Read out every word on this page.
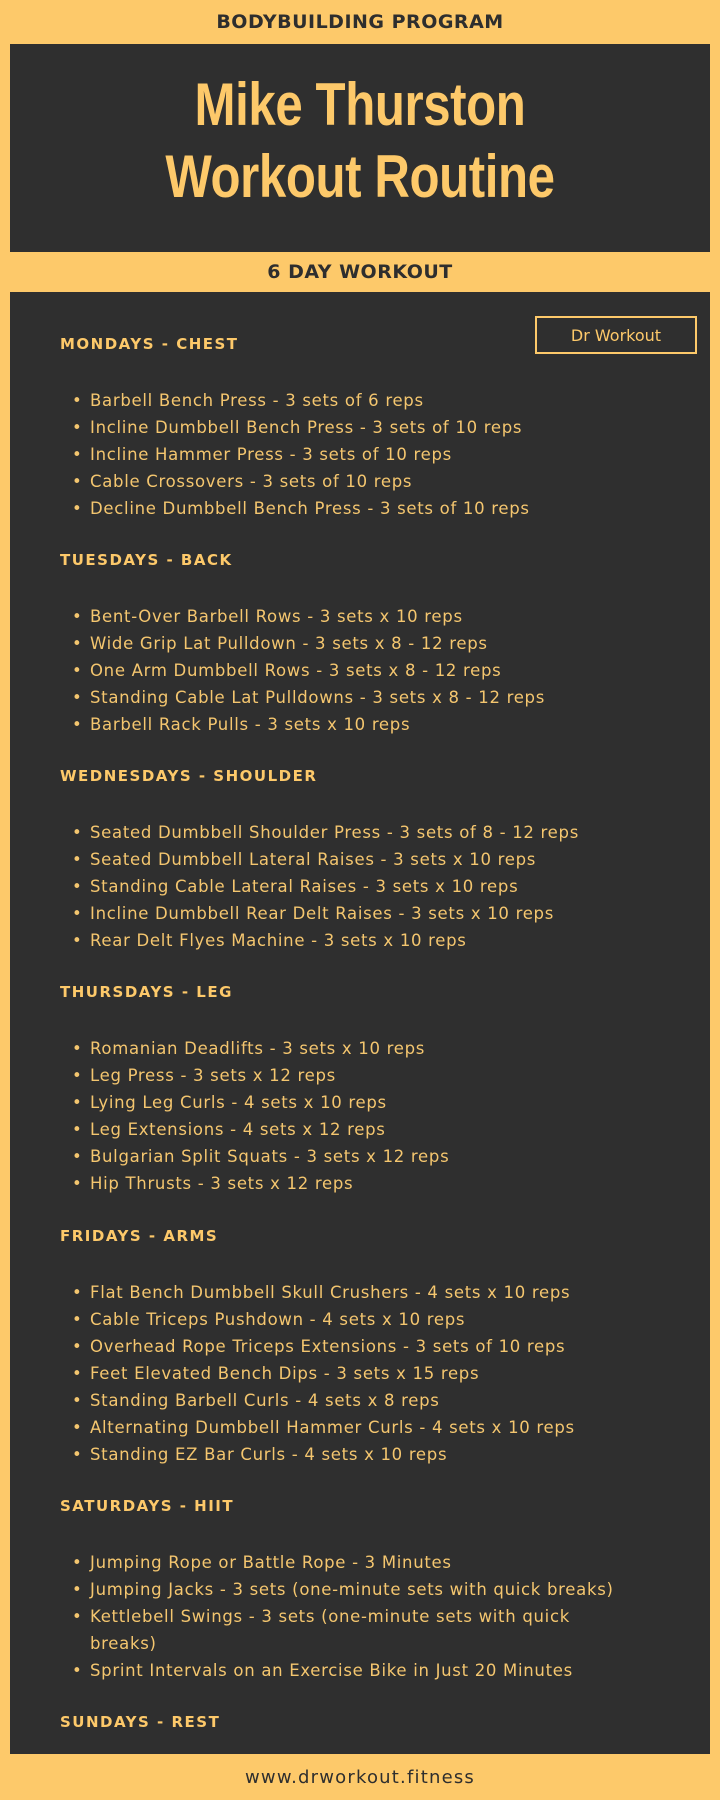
BODYBUILDING PROGRAM
Mike Thurston
Workout Routine
6 DAY WORKOUT
Dr Workout
MONDAYS - CHEST
• Barbell Bench Press - 3 sets of 6 reps
• Incline Dumbbell Bench Press - 3 sets of 10 reps
• Incline Hammer Press - 3 sets of 10 reps
• Cable Crossovers - 3 sets of 10 reps
• Decline Dumbbell Bench Press - 3 sets of 10 reps
TUESDAYS - BACK
• Bent-Over Barbell Rows - 3 sets x 10 reps
• Wide Grip Lat Pulldown - 3 sets x 8 - 12 reps
• One Arm Dumbbell Rows - 3 sets x 8 - 12 reps
• Standing Cable Lat Pulldowns - 3 sets x 8 - 12 reps
• Barbell Rack Pulls - 3 sets x 10 reps
WEDNESDAYS - SHOULDER
• Seated Dumbbell Shoulder Press - 3 sets of 8 - 12 reps
• Seated Dumbbell Lateral Raises - 3 sets x 10 reps
• Standing Cable Lateral Raises - 3 sets x 10 reps
• Incline Dumbbell Rear Delt Raises - 3 sets x 10 reps
• Rear Delt Flyes Machine - 3 sets x 10 reps
THURSDAYS - LEG
• Romanian Deadlifts - 3 sets x 10 reps
• Leg Press - 3 sets x 12 reps
• Lying Leg Curls - 4 sets x 10 reps
• Leg Extensions - 4 sets x 12 reps
• Bulgarian Split Squats - 3 sets x 12 reps
• Hip Thrusts - 3 sets x 12 reps
FRIDAYS - ARMS
• Flat Bench Dumbbell Skull Crushers - 4 sets x 10 reps
• Cable Triceps Pushdown - 4 sets x 10 reps
• Overhead Rope Triceps Extensions - 3 sets of 10 reps
• Feet Elevated Bench Dips - 3 sets x 15 reps
• Standing Barbell Curls - 4 sets x 8 reps
• Alternating Dumbbell Hammer Curls - 4 sets x 10 reps
• Standing EZ Bar Curls - 4 sets x 10 reps
SATURDAYS - HIIT
• Jumping Rope or Battle Rope - 3 Minutes
• Jumping Jacks - 3 sets (one-minute sets with quick breaks)
• Kettlebell Swings - 3 sets (one-minute sets with quick
breaks)
• Sprint Intervals on an Exercise Bike in Just 20 Minutes
SUNDAYS - REST
www.drworkout.fitness
